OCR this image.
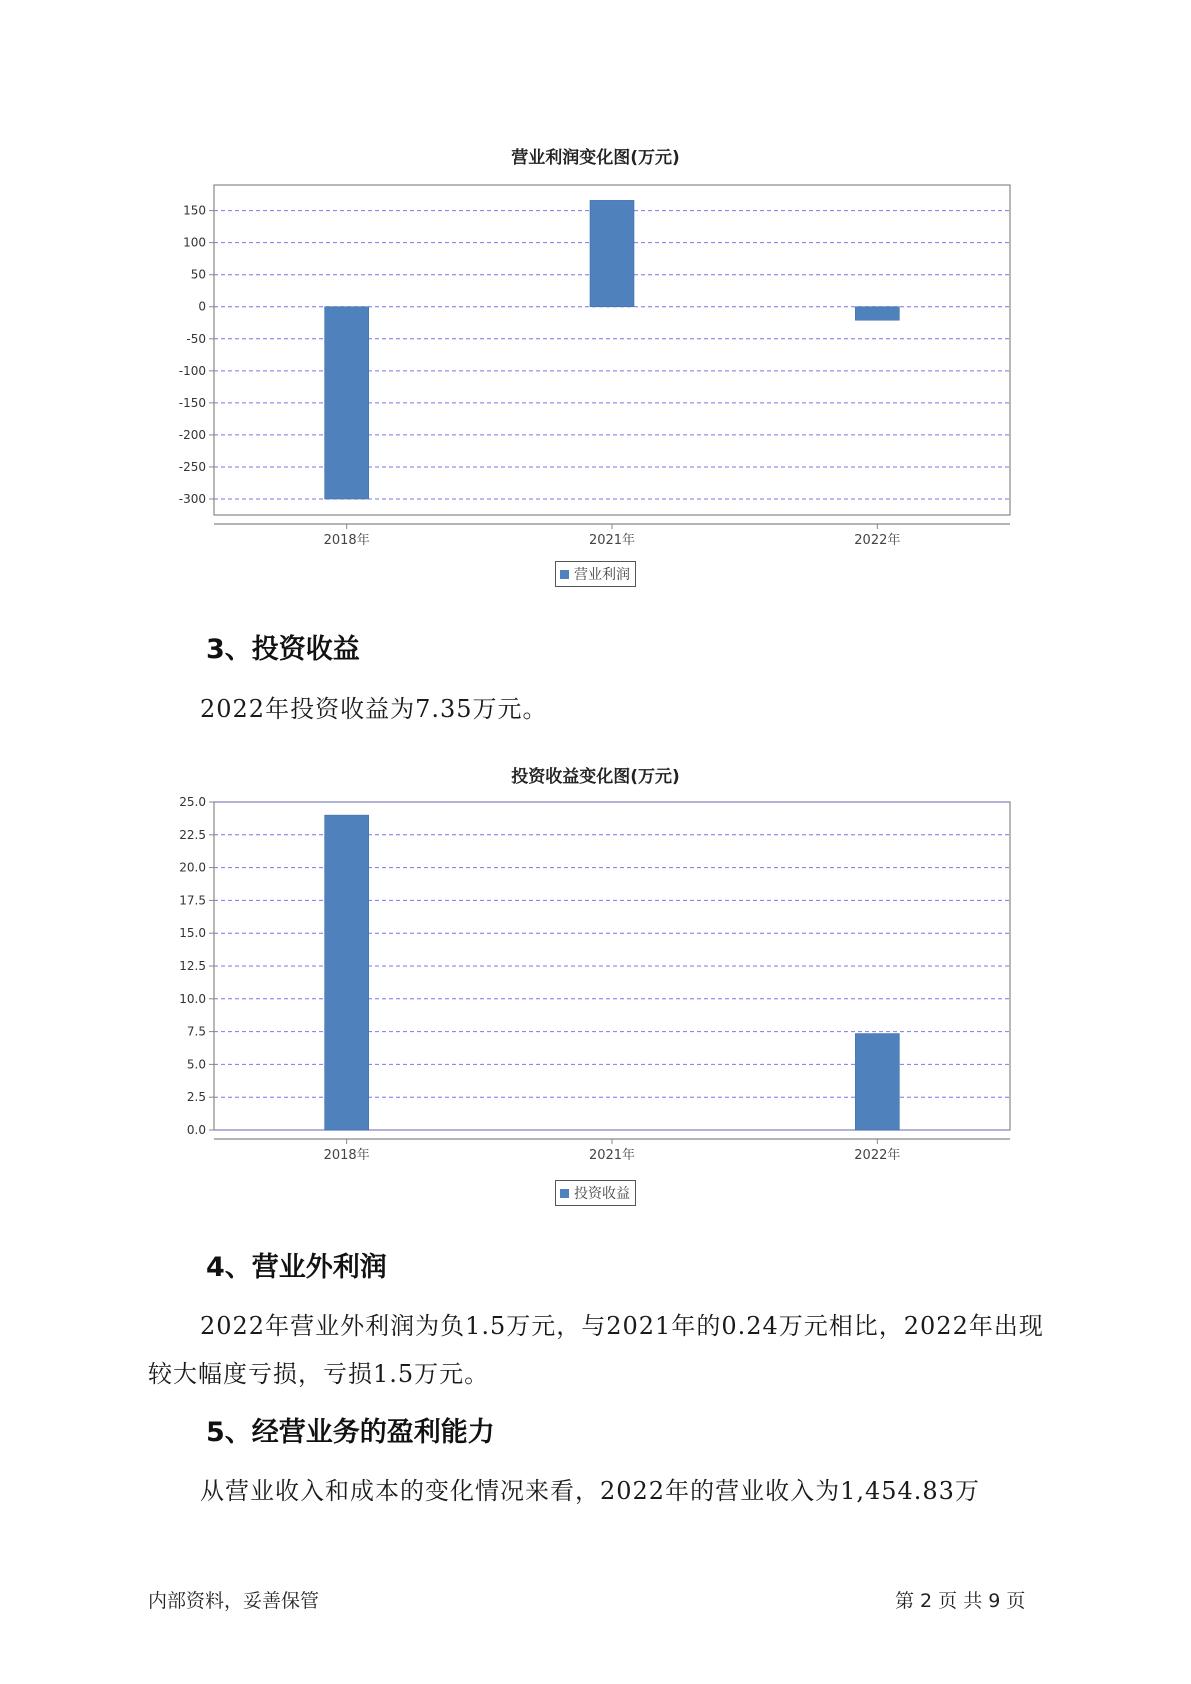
营业利润变化图(万元)
150
100
50
0
-50
-100
-150
-200
-250
-300
2018年	2021年	2022年
营业利润
3、投资收益
2022年投资收益为7.35万元。
投资收益变化图(万元)
25.0
22.5
20.0
17.5
15.0
12.5
10.0
7.5
5.0
2.5
0.0
2018年	2021年	2022年
投资收益
4、营业外利润
2022年营业外利润为负1.5万元，与2021年的0.24万元相比，2022年出现较大幅度亏损，亏损1.5万元。
5、经营业务的盈利能力
从营业收入和成本的变化情况来看，2022年的营业收入为1,454.83万
内部资料，妥善保管	第 2 页 共 9 页
